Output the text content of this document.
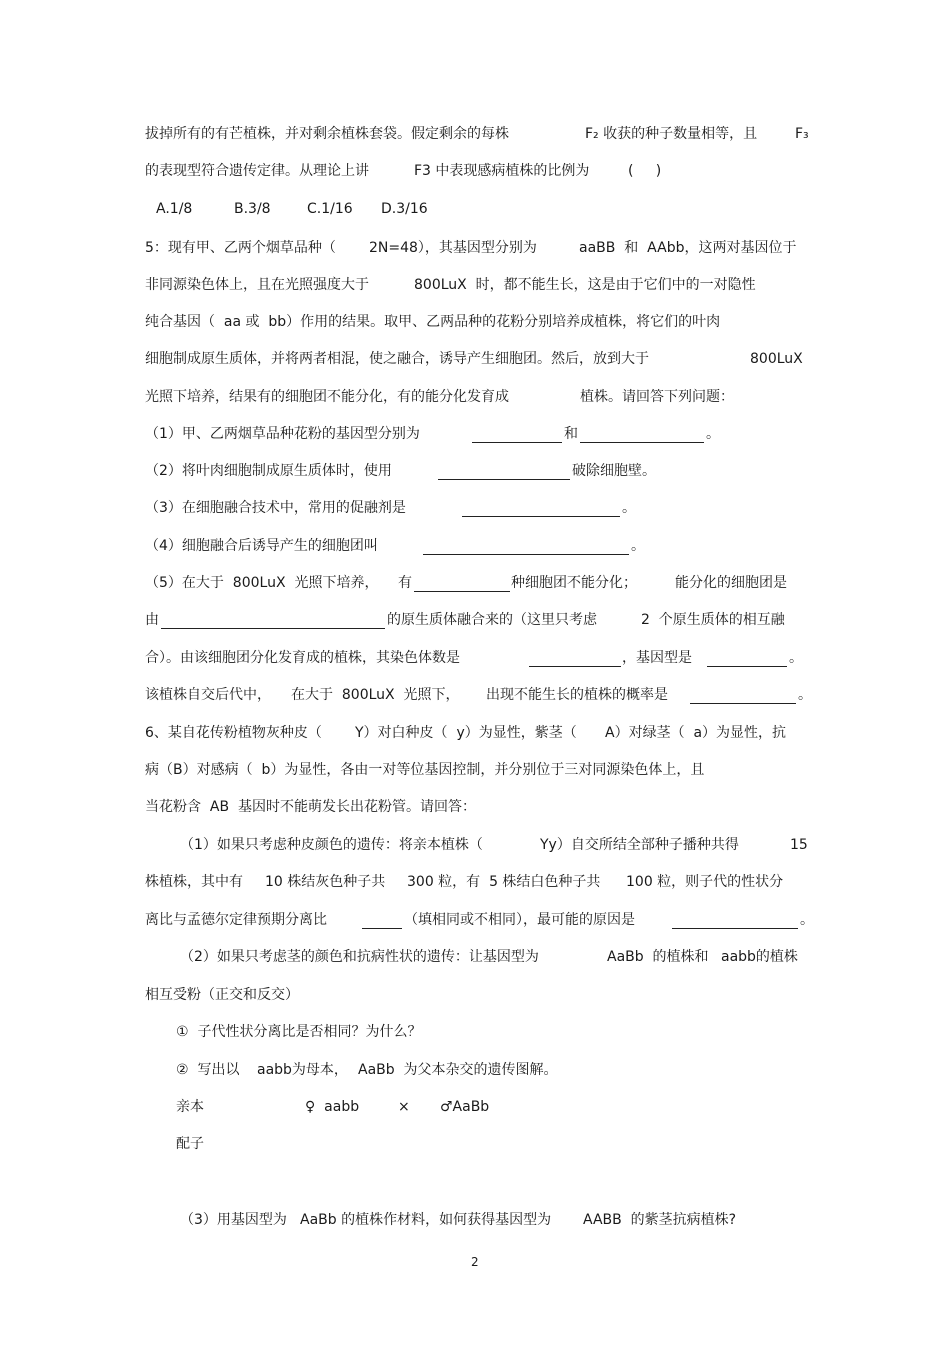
拔掉所有的有芒植株，并对剩余植株套袋。假定剩余的每株	F₂ 收获的种子数量相等，且	F₃
的表现型符合遗传定律。从理论上讲	F3 中表现感病植株的比例为	(     )
A.1/8	B.3/8	C.1/16 D.3/16
5：现有甲、乙两个烟草品种（ 2N=48），其基因型分别为	aaBB  和  AAbb，这两对基因位于
非同源染色体上，且在光照强度大于	800LuX  时，都不能生长，这是由于它们中的一对隐性
纯合基因（  aa 或  bb）作用的结果。取甲、乙两品种的花粉分别培养成植株，将它们的叶肉
细胞制成原生质体，并将两者相混，使之融合，诱导产生细胞团。然后，放到大于	800LuX
光照下培养，结果有的细胞团不能分化，有的能分化发育成	植株。请回答下列问题：
（1）甲、乙两烟草品种花粉的基因型分别为	和	。
（2）将叶肉细胞制成原生质体时，使用	破除细胞壁。
（3）在细胞融合技术中，常用的促融剂是	。
（4）细胞融合后诱导产生的细胞团叫	。
（5）在大于  800LuX  光照下培养， 有	种细胞团不能分化；	能分化的细胞团是
由	的原生质体融合来的（这里只考虑	2  个原生质体的相互融
合）。由该细胞团分化发育成的植株，其染色体数是	，基因型是	。
该植株自交后代中， 在大于  800LuX  光照下， 出现不能生长的植株的概率是	。
6、某自花传粉植物灰种皮（ Y）对白种皮（  y）为显性，紫茎（ A）对绿茎（  a）为显性，抗
病（B）对感病（  b）为显性，各由一对等位基因控制，并分别位于三对同源染色体上，且
当花粉含  AB  基因时不能萌发长出花粉管。请回答：
（1）如果只考虑种皮颜色的遗传：将亲本植株（	Yy）自交所结全部种子播种共得	15
株植株，其中有 10 株结灰色种子共 300 粒，有  5 株结白色种子共 100 粒，则子代的性状分
离比与孟德尔定律预期分离比	（填相同或不相同），最可能的原因是	。
（2）如果只考虑茎的颜色和抗病性状的遗传：让基因型为	AaBb  的植株和 aabb的植株
相互受粉（正交和反交）
①  子代性状分离比是否相同？为什么？
②  写出以 aabb为母本， AaBb  为父本杂交的遗传图解。
亲本	♀  aabb	× ♂AaBb
配子
（3）用基因型为 AaBb 的植株作材料，如何获得基因型为 AABB  的紫茎抗病植株?
2
